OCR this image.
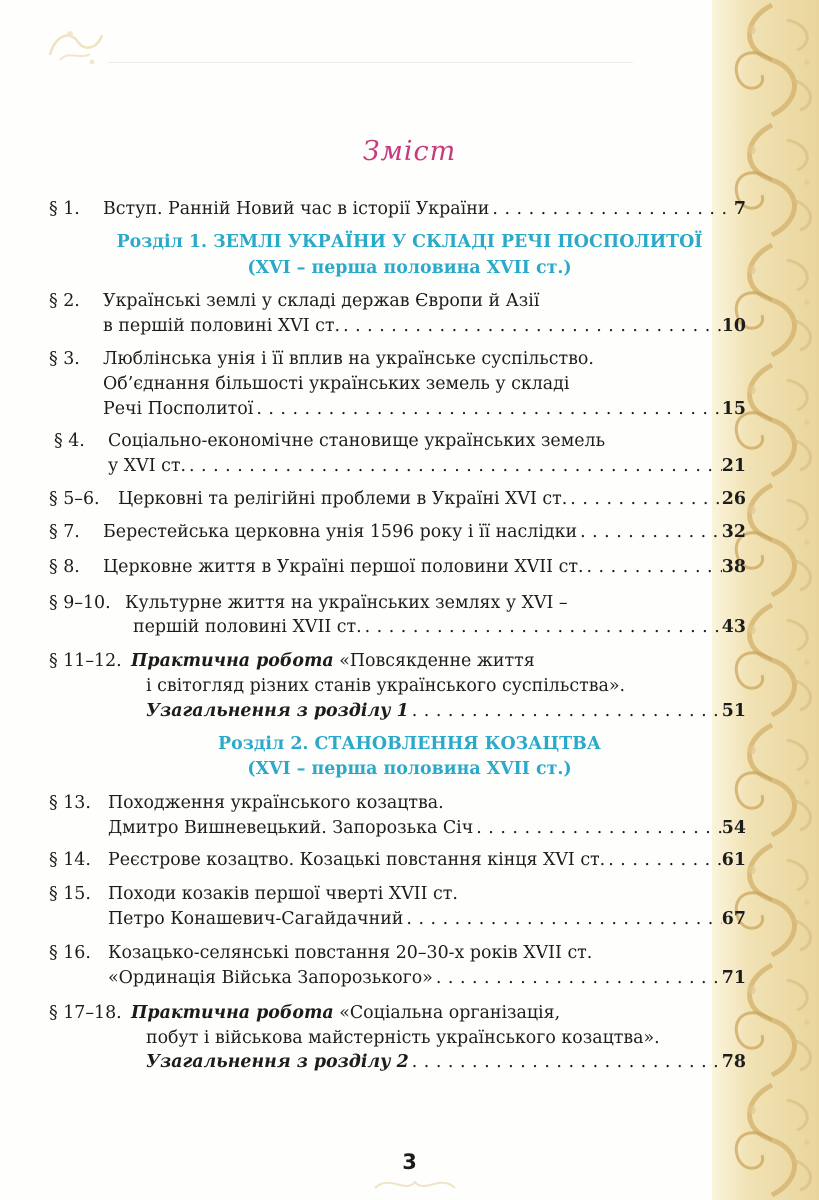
Зміст
§ 1. Вступ. Ранній Новий час в історії України . . .	7
Розділ 1. ЗЕМЛІ УКРАЇНИ У СКЛАДІ РЕЧІ ПОСПОЛИТОЇ
(XVI – перша половина XVII ст.)
§ 2. Українські землі у складі держав Європи й Азії
в першій половині XVI ст. . . .	10
§ 3. Люблінська унія і її вплив на українське суспільство.
Об’єднання більшості українських земель у складі
Речі Посполитої . . .	15
§ 4. Соціально-економічне становище українських земель
у XVI ст. . . .	21
§ 5–6. Церковні та релігійні проблеми в Україні XVI ст. . . .	26
§ 7. Берестейська церковна унія 1596 року і її наслідки . . .	32
§ 8. Церковне життя в Україні першої половини XVII ст. . . .	38
§ 9–10. Культурне життя на українських землях у XVI –
першій половині XVII ст. . . .	43
§ 11–12. Практична робота «Повсякденне життя
і світогляд різних станів українського суспільства».
Узагальнення з розділу 1 . . .	51
Розділ 2. СТАНОВЛЕННЯ КОЗАЦТВА
(XVI – перша половина XVII ст.)
§ 13. Походження українського козацтва.
Дмитро Вишневецький. Запорозька Січ . . .	54
§ 14. Реєстрове козацтво. Козацькі повстання кінця XVI ст. . . .	61
§ 15. Походи козаків першої чверті XVII ст.
Петро Конашевич-Сагайдачний . . .	67
§ 16. Козацько-селянські повстання 20–30-х років XVII ст.
«Ординація Війська Запорозького» . . .	71
§ 17–18. Практична робота «Соціальна організація,
побут і військова майстерність українського козацтва».
Узагальнення з розділу 2 . . .	78
3
